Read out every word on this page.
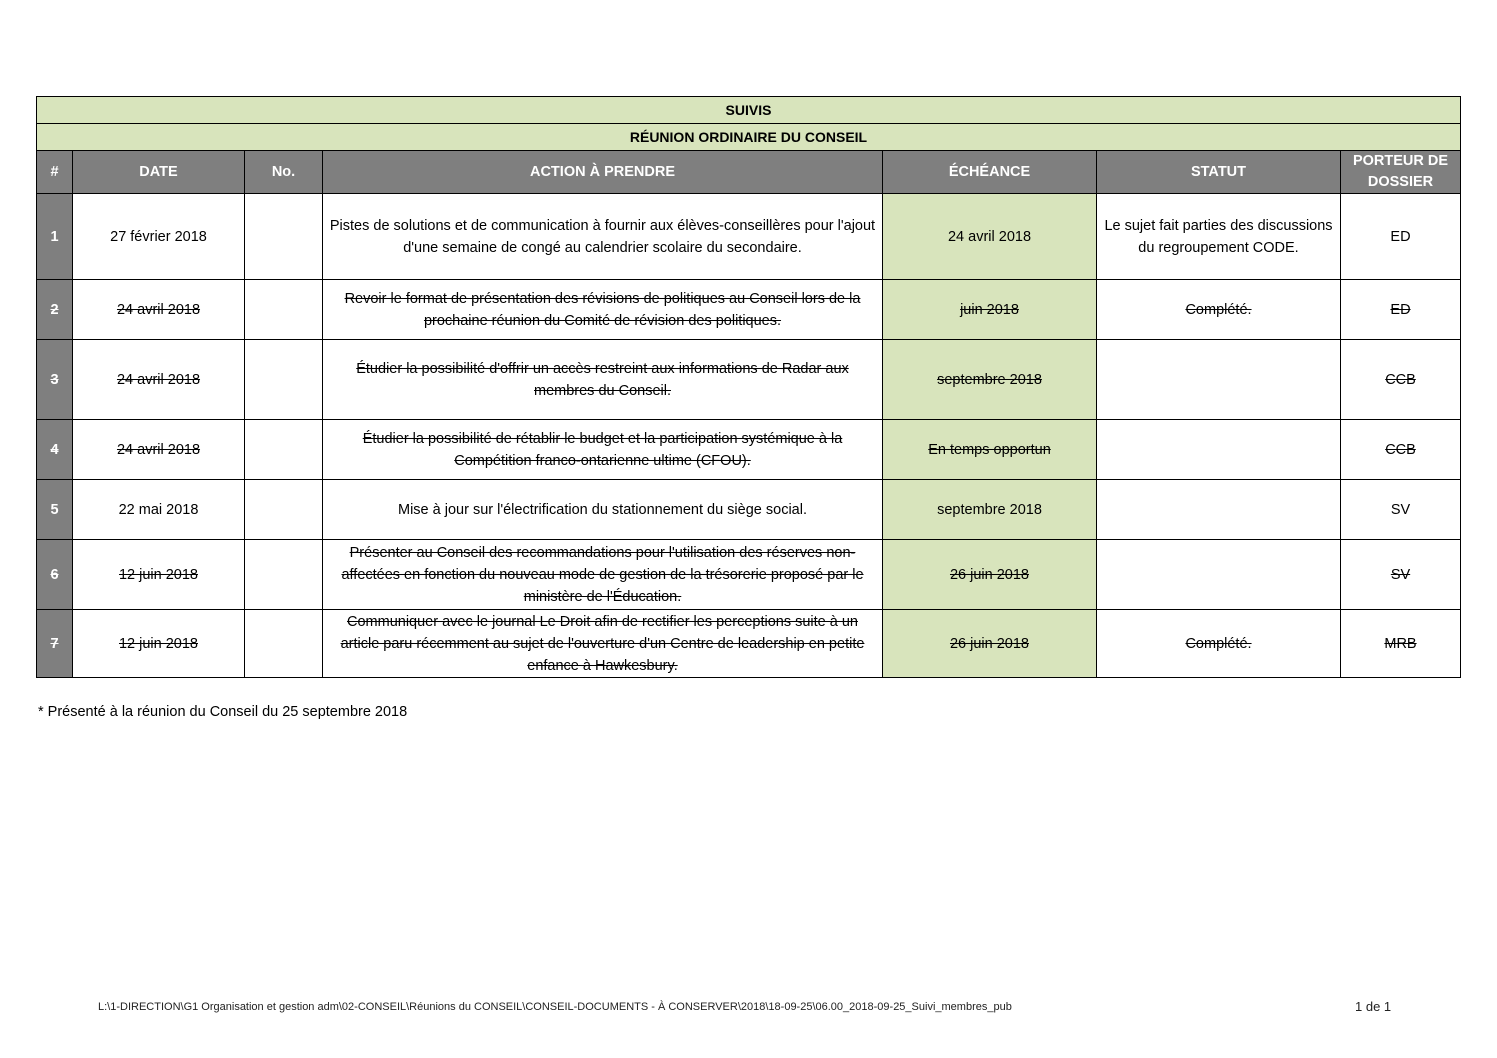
SUIVIS						
RÉUNION ORDINAIRE DU CONSEIL						
#	DATE	No.	ACTION À PRENDRE	ÉCHÉANCE	STATUT	PORTEUR DE DOSSIER
1	27 février 2018		Pistes de solutions et de communication à fournir aux élèves-conseillères pour l'ajout d'une semaine de congé au calendrier scolaire du secondaire.	24 avril 2018	Le sujet fait parties des discussions du regroupement CODE.	ED
2	24 avril 2018		Revoir le format de présentation des révisions de politiques au Conseil lors de la prochaine réunion du Comité de révision des politiques.	juin 2018	Complété.	ED
3	24 avril 2018		Étudier la possibilité d'offrir un accès restreint aux informations de Radar aux membres du Conseil.	septembre 2018		CCB
4	24 avril 2018		Étudier la possibilité de rétablir le budget et la participation systémique à la Compétition franco-ontarienne ultime (CFOU).	En temps opportun		CCB
5	22 mai 2018		Mise à jour sur l'électrification du stationnement du siège social.	septembre 2018		SV
6	12 juin 2018		Présenter au Conseil des recommandations pour l'utilisation des réserves non-affectées en fonction du nouveau mode de gestion de la trésorerie proposé par le ministère de l'Éducation.	26 juin 2018		SV
7	12 juin 2018		Communiquer avec le journal Le Droit afin de rectifier les perceptions suite à un article paru récemment au sujet de l'ouverture d'un Centre de leadership en petite enfance à Hawkesbury.	26 juin 2018	Complété.	MRB
* Présenté à la réunion du Conseil du 25 septembre 2018
L:\1-DIRECTION\G1 Organisation et gestion adm\02-CONSEIL\Réunions du CONSEIL\CONSEIL-DOCUMENTS - À CONSERVER\2018\18-09-25\06.00_2018-09-25_Suivi_membres_pub	1 de 1
